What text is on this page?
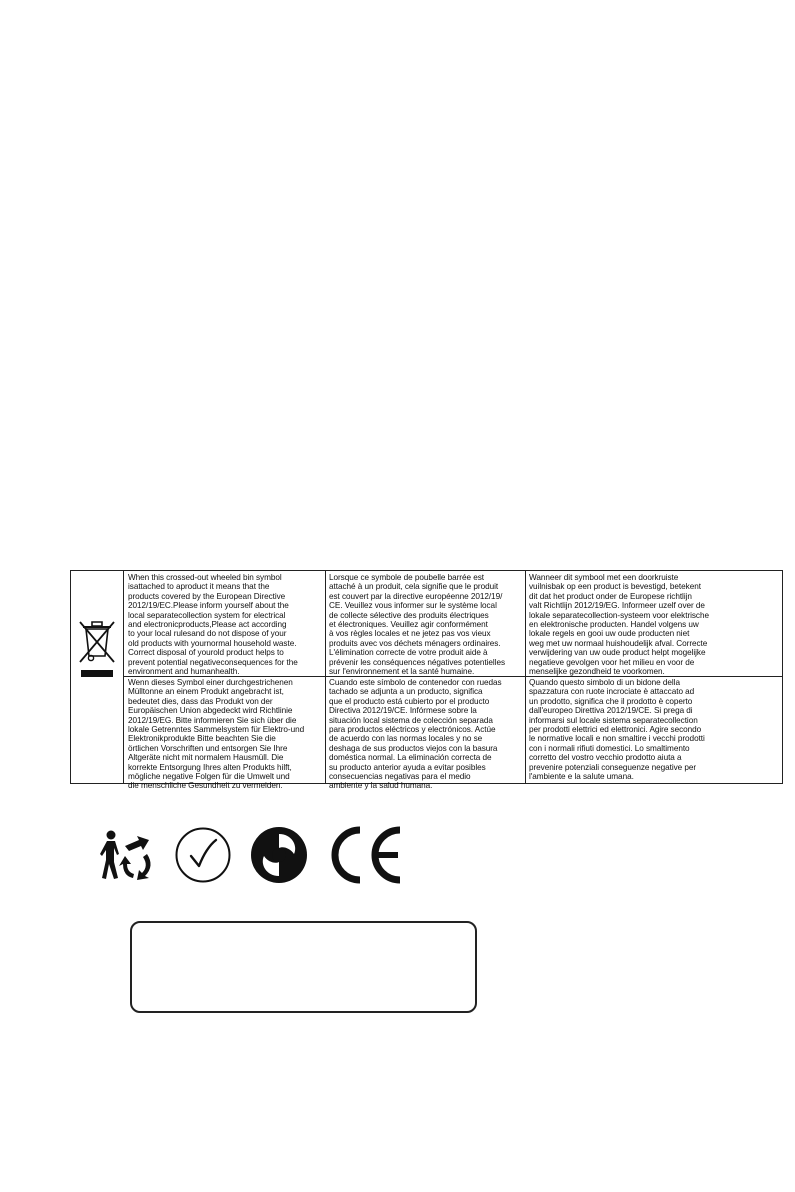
When this crossed-out wheeled bin symbol
isattached to aproduct it means that the
products covered by the European Directive
2012/19/EC.Please inform yourself about the
local separatecollection system for electrical
and electronicproducts,Please act according
to your local rulesand do not dispose of your
old products with yournormal household waste.
Correct disposal of yourold product helps to
prevent potential negativeconsequences for the
environment and humanhealth.
Lorsque ce symbole de poubelle barrée est
attaché à un produit, cela signifie que le produit
est couvert par la directive européenne 2012/19/
CE. Veuillez vous informer sur le système local
de collecte sélective des produits électriques
et électroniques. Veuillez agir conformément
à vos règles locales et ne jetez pas vos vieux
produits avec vos déchets ménagers ordinaires.
L'élimination correcte de votre produit aide à
prévenir les conséquences négatives potentielles
sur l'environnement et la santé humaine.
Wanneer dit symbool met een doorkruiste
vuilnisbak op een product is bevestigd, betekent
dit dat het product onder de Europese richtlijn
valt Richtlijn 2012/19/EG. Informeer uzelf over de
lokale separatecollection-systeem voor elektrische
en elektronische producten. Handel volgens uw
lokale regels en gooi uw oude producten niet
weg met uw normaal huishoudelijk afval. Correcte
verwijdering van uw oude product helpt mogelijke
negatieve gevolgen voor het milieu en voor de
menselijke gezondheid te voorkomen.
Wenn dieses Symbol einer durchgestrichenen
Mülltonne an einem Produkt angebracht ist,
bedeutet dies, dass das Produkt von der
Europäischen Union abgedeckt wird Richtlinie
2012/19/EG. Bitte informieren Sie sich über die
lokale Getrenntes Sammelsystem für Elektro-und
Elektronikprodukte Bitte beachten Sie die
örtlichen Vorschriften und entsorgen Sie Ihre
Altgeräte nicht mit normalem Hausmüll. Die
korrekte Entsorgung Ihres alten Produkts hilft,
mögliche negative Folgen für die Umwelt und
die menschliche Gesundheit zu vermeiden.
Cuando este símbolo de contenedor con ruedas
tachado se adjunta a un producto, significa
que el producto está cubierto por el producto
Directiva 2012/19/CE. Infórmese sobre la
situación local sistema de colección separada
para productos eléctricos y electrónicos. Actúe
de acuerdo con las normas locales y no se
deshaga de sus productos viejos con la basura
doméstica normal. La eliminación correcta de
su producto anterior ayuda a evitar posibles
consecuencias negativas para el medio
ambiente y la salud humana.
Quando questo simbolo di un bidone della
spazzatura con ruote incrociate è attaccato ad
un prodotto, significa che il prodotto è coperto
dall'europeo Direttiva 2012/19/CE. Si prega di
informarsi sul locale sistema separatecollection
per prodotti elettrici ed elettronici. Agire secondo
le normative locali e non smaltire i vecchi prodotti
con i normali rifiuti domestici. Lo smaltimento
corretto del vostro vecchio prodotto aiuta a
prevenire potenziali conseguenze negative per
l'ambiente e la salute umana.
